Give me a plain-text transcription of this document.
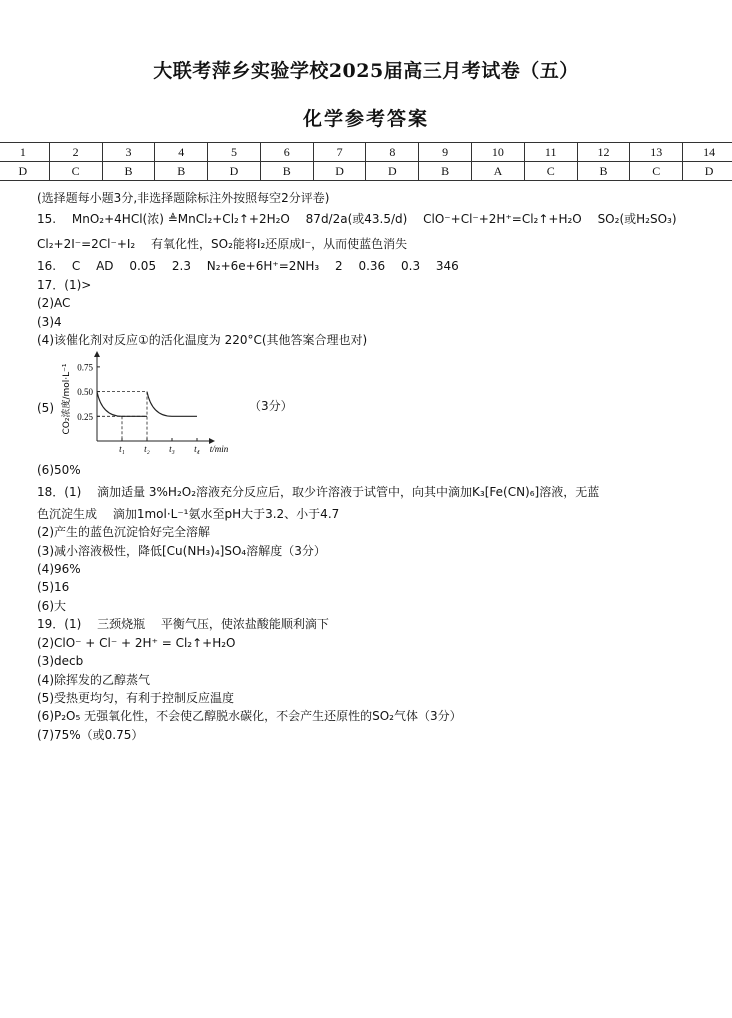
大联考萍乡实验学校2025届高三月考试卷（五）
化学参考答案
1	2	3	4	5	6	7	8	9	10	11	12	13	14
D	C	B	B	D	B	D	D	B	A	C	B	C	D
(选择题每小题3分,非选择题除标注外按照每空2分评卷)
15.　 MnO₂+4HCl(浓) ≜MnCl₂+Cl₂↑+2H₂O　 87d/2a(或43.5/d)　 ClO⁻+Cl⁻+2H⁺=Cl₂↑+H₂O　 SO₂(或H₂SO₃)
Cl₂+2I⁻=2Cl⁻+I₂　 有氧化性，SO₂能将I₂还原成I⁻，从而使蓝色消失
16.　 C　 AD　 0.05　 2.3　 N₂+6e+6H⁺=2NH₃　 2　 0.36　 0.3　 346
17．(1)>
(2)AC
(3)4
(4)该催化剂对反应①的活化温度为 220°C(其他答案合理也对)
(5)
0.75
0.50
0.25
t₁ t₂ t₃ t₄ t/min
CO₂浓度/mol·L⁻¹	（3分）
(6)50%
18．(1)　 滴加适量 3%H₂O₂溶液充分反应后，取少许溶液于试管中，向其中滴加K₃[Fe(CN)₆]溶液，无蓝
色沉淀生成　 滴加1mol·L⁻¹氨水至pH大于3.2、小于4.7
(2)产生的蓝色沉淀恰好完全溶解
(3)减小溶液极性，降低[Cu(NH₃)₄]SO₄溶解度（3分）
(4)96%
(5)16
(6)大
19．(1)　 三颈烧瓶　 平衡气压，使浓盐酸能顺利滴下
(2)ClO⁻ + Cl⁻ + 2H⁺ = Cl₂↑+H₂O
(3)decb
(4)除挥发的乙醇蒸气
(5)受热更均匀，有利于控制反应温度
(6)P₂O₅ 无强氧化性，不会使乙醇脱水碳化，不会产生还原性的SO₂气体（3分）
(7)75%（或0.75）
